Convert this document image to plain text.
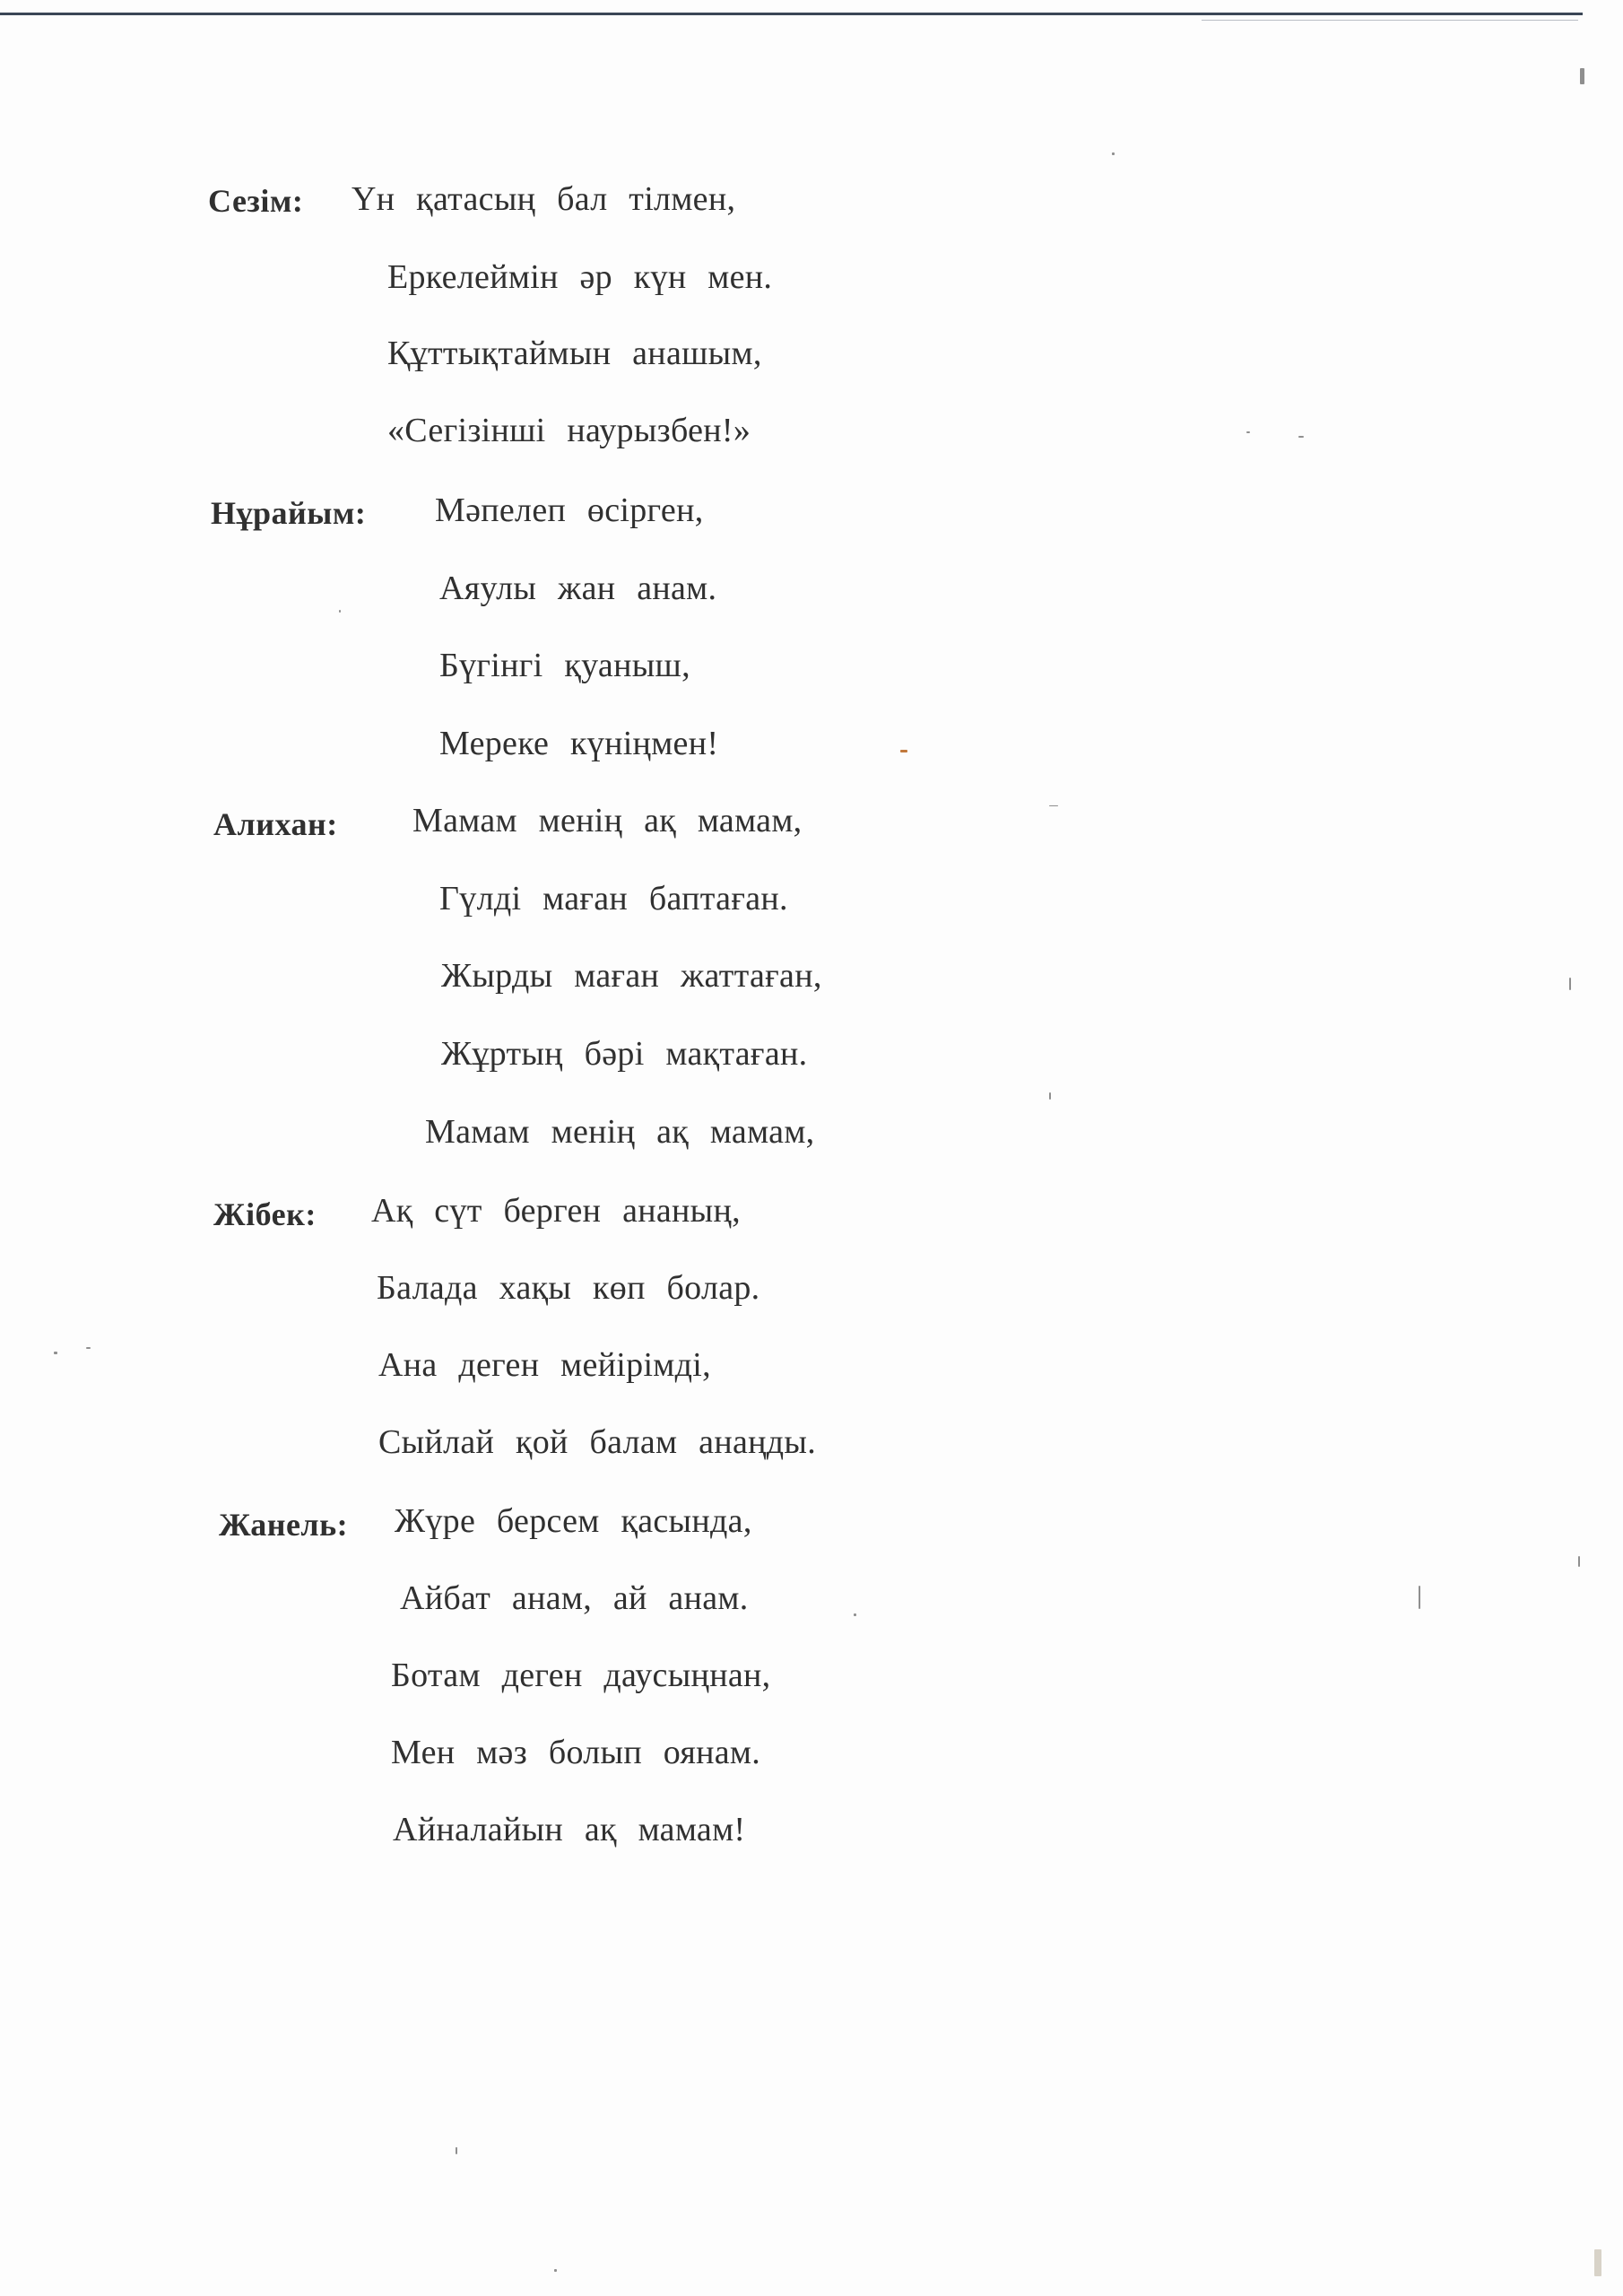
Сезім: Үн қатасың бал тілмен,
Еркелеймін әр күн мен.
Құттықтаймын анашым,
«Сегізінші наурызбен!»
Нұрайым: Мәпелеп өсірген,
Аяулы жан анам.
Бүгінгі қуаныш,
Мереке күніңмен!
Алихан: Мамам менің ақ мамам,
Гүлді маған баптаған.
Жырды маған жаттаған,
Жұртың бәрі мақтаған.
Мамам менің ақ мамам,
Жібек: Ақ сүт берген ананың,
Балада хақы көп болар.
Ана деген мейірімді,
Сыйлай қой балам анаңды.
Жанель: Жүре берсем қасында,
Айбат анам, ай анам.
Ботам деген даусыңнан,
Мен мәз болып оянам.
Айналайын ақ мамам!
